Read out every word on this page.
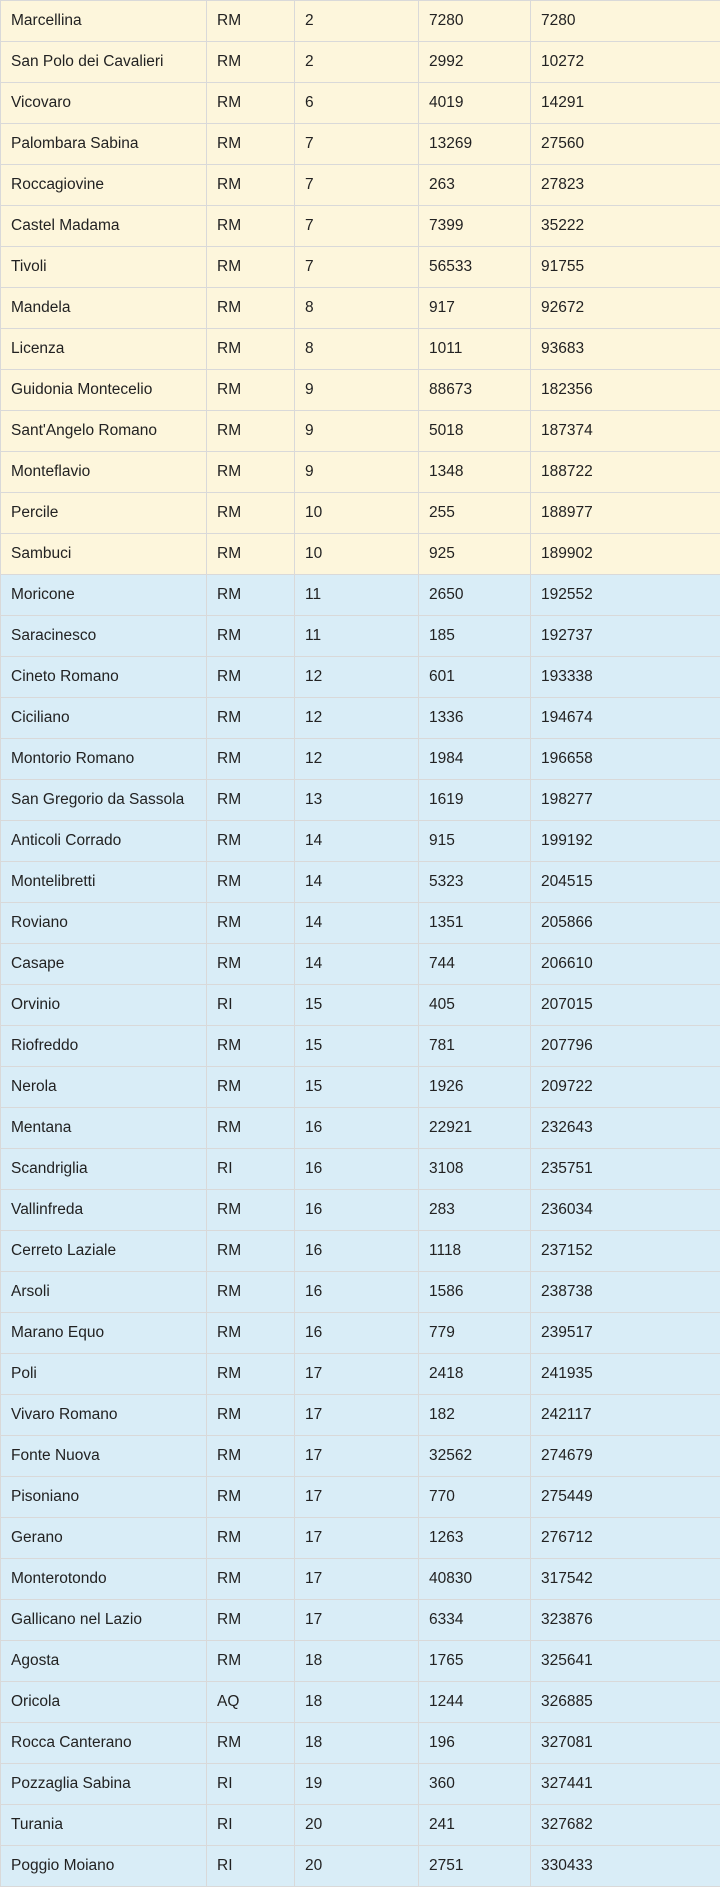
Marcellina	RM	2	7280	7280
San Polo dei Cavalieri	RM	2	2992	10272
Vicovaro	RM	6	4019	14291
Palombara Sabina	RM	7	13269	27560
Roccagiovine	RM	7	263	27823
Castel Madama	RM	7	7399	35222
Tivoli	RM	7	56533	91755
Mandela	RM	8	917	92672
Licenza	RM	8	1011	93683
Guidonia Montecelio	RM	9	88673	182356
Sant'Angelo Romano	RM	9	5018	187374
Monteflavio	RM	9	1348	188722
Percile	RM	10	255	188977
Sambuci	RM	10	925	189902
Moricone	RM	11	2650	192552
Saracinesco	RM	11	185	192737
Cineto Romano	RM	12	601	193338
Ciciliano	RM	12	1336	194674
Montorio Romano	RM	12	1984	196658
San Gregorio da Sassola	RM	13	1619	198277
Anticoli Corrado	RM	14	915	199192
Montelibretti	RM	14	5323	204515
Roviano	RM	14	1351	205866
Casape	RM	14	744	206610
Orvinio	RI	15	405	207015
Riofreddo	RM	15	781	207796
Nerola	RM	15	1926	209722
Mentana	RM	16	22921	232643
Scandriglia	RI	16	3108	235751
Vallinfreda	RM	16	283	236034
Cerreto Laziale	RM	16	1118	237152
Arsoli	RM	16	1586	238738
Marano Equo	RM	16	779	239517
Poli	RM	17	2418	241935
Vivaro Romano	RM	17	182	242117
Fonte Nuova	RM	17	32562	274679
Pisoniano	RM	17	770	275449
Gerano	RM	17	1263	276712
Monterotondo	RM	17	40830	317542
Gallicano nel Lazio	RM	17	6334	323876
Agosta	RM	18	1765	325641
Oricola	AQ	18	1244	326885
Rocca Canterano	RM	18	196	327081
Pozzaglia Sabina	RI	19	360	327441
Turania	RI	20	241	327682
Poggio Moiano	RI	20	2751	330433
